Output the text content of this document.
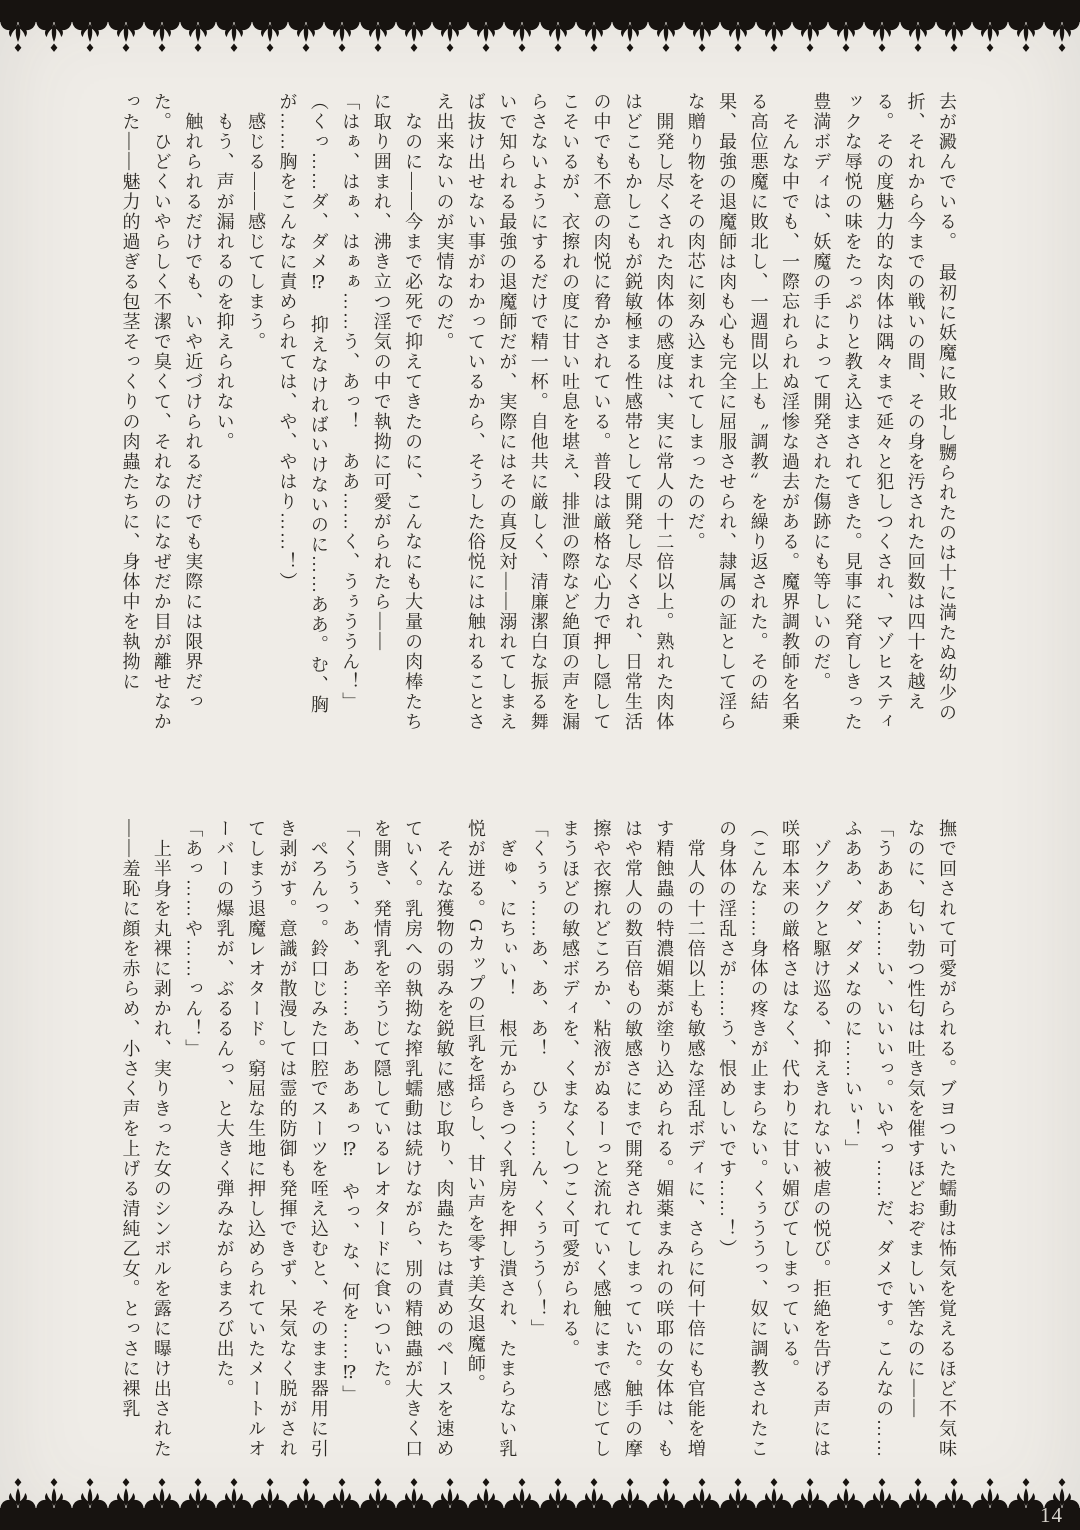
去が澱んでいる。　最初に妖魔に敗北し嬲られたのは十に満たぬ幼少の折、それから今までの戦いの間、その身を汚された回数は四十を越える。その度魅力的な肉体は隅々まで延々と犯しつくされ、マゾヒスティックな辱悦の味をたっぷりと教え込まされてきた。見事に発育しきった豊満ボディは、妖魔の手によって開発された傷跡にも等しいのだ。

　そんな中でも、一際忘れられぬ淫惨な過去がある。魔界調教師を名乗る高位悪魔に敗北し、一週間以上も〝調教〟を繰り返された。その結果、最強の退魔師は肉も心も完全に屈服させられ、隷属の証として淫らな贈り物をその肉芯に刻み込まれてしまったのだ。

　開発し尽くされた肉体の感度は、実に常人の十二倍以上。熟れた肉体はどこもかしこもが鋭敏極まる性感帯として開発し尽くされ、日常生活の中でも不意の肉悦に脅かされている。普段は厳格な心力で押し隠してこそいるが、衣擦れの度に甘い吐息を堪え、排泄の際など絶頂の声を漏らさないようにするだけで精一杯。自他共に厳しく、清廉潔白な振る舞いで知られる最強の退魔師だが、実際にはその真反対――溺れてしまえば抜け出せない事がわかっているから、そうした俗悦には触れることさえ出来ないのが実情なのだ。

　なのに――今まで必死で抑えてきたのに、こんなにも大量の肉棒たちに取り囲まれ、沸き立つ淫気の中で執拗に可愛がられたら――

「はぁ、はぁ、はぁぁ……う、あっ！　ああ……く、うぅううん！」

（くっ……ダ、ダメ⁉　抑えなければいけないのに……ああ。む、胸が……胸をこんなに責められては、や、やはり……！）

　感じる――感じてしまう。

　もう、声が漏れるのを抑えられない。

　触れられるだけでも、いや近づけられるだけでも実際には限界だった。ひどくいやらしく不潔で臭くて、それなのになぜだか目が離せなかった――魅力的過ぎる包茎そっくりの肉蟲たちに、身体中を執拗に

撫で回されて可愛がられる。ブヨついた蠕動は怖気を覚えるほど不気味なのに、匂い勃つ性匂は吐き気を催すほどおぞましい筈なのに――

「うあああ……い、いいいっ。いやっ……だ、ダメです。こんなの……ふああ、ダ、ダメなのに……いぃ！」

　ゾクゾクと駆け巡る、抑えきれない被虐の悦び。拒絶を告げる声には咲耶本来の厳格さはなく、代わりに甘い媚びてしまっている。

（こんな……身体の疼きが止まらない。くぅううっ、奴に調教されたこの身体の淫乱さが……う、恨めしいです……！）

　常人の十二倍以上も敏感な淫乱ボディに、さらに何十倍にも官能を増す精蝕蟲の特濃媚薬が塗り込められる。媚薬まみれの咲耶の女体は、もはや常人の数百倍もの敏感さにまで開発されてしまっていた。触手の摩擦や衣擦れどころか、粘液がぬるーっと流れていく感触にまで感じてしまうほどの敏感ボディを、くまなくしつこく可愛がられる。

「くぅぅ……あ、あ、あ！　ひぅ……ん、くぅうう～！」

　ぎゅ、にちぃい！　根元からきつく乳房を押し潰され、たまらない乳悦が迸る。Gカップの巨乳を揺らし、甘い声を零す美女退魔師。

　そんな獲物の弱みを鋭敏に感じ取り、肉蟲たちは責めのペースを速めていく。乳房への執拗な搾乳蠕動は続けながら、別の精蝕蟲が大きく口を開き、発情乳を辛うじて隠しているレオタードに食いついた。

「くうぅ、あ、あ……あ、ああぁっ⁉　やっ、な、何を……⁉」

　ぺろんっ。鈴口じみた口腔でスーツを咥え込むと、そのまま器用に引き剥がす。意識が散漫しては霊的防御も発揮できず、呆気なく脱がされてしまう退魔レオタード。窮屈な生地に押し込められていたメートルオーバーの爆乳が、ぶるるんっ、と大きく弾みながらまろび出た。

「あっ……や……っん！」

　上半身を丸裸に剥かれ、実りきった女のシンボルを露に曝け出された――羞恥に顔を赤らめ、小さく声を上げる清純乙女。とっさに裸乳

14
